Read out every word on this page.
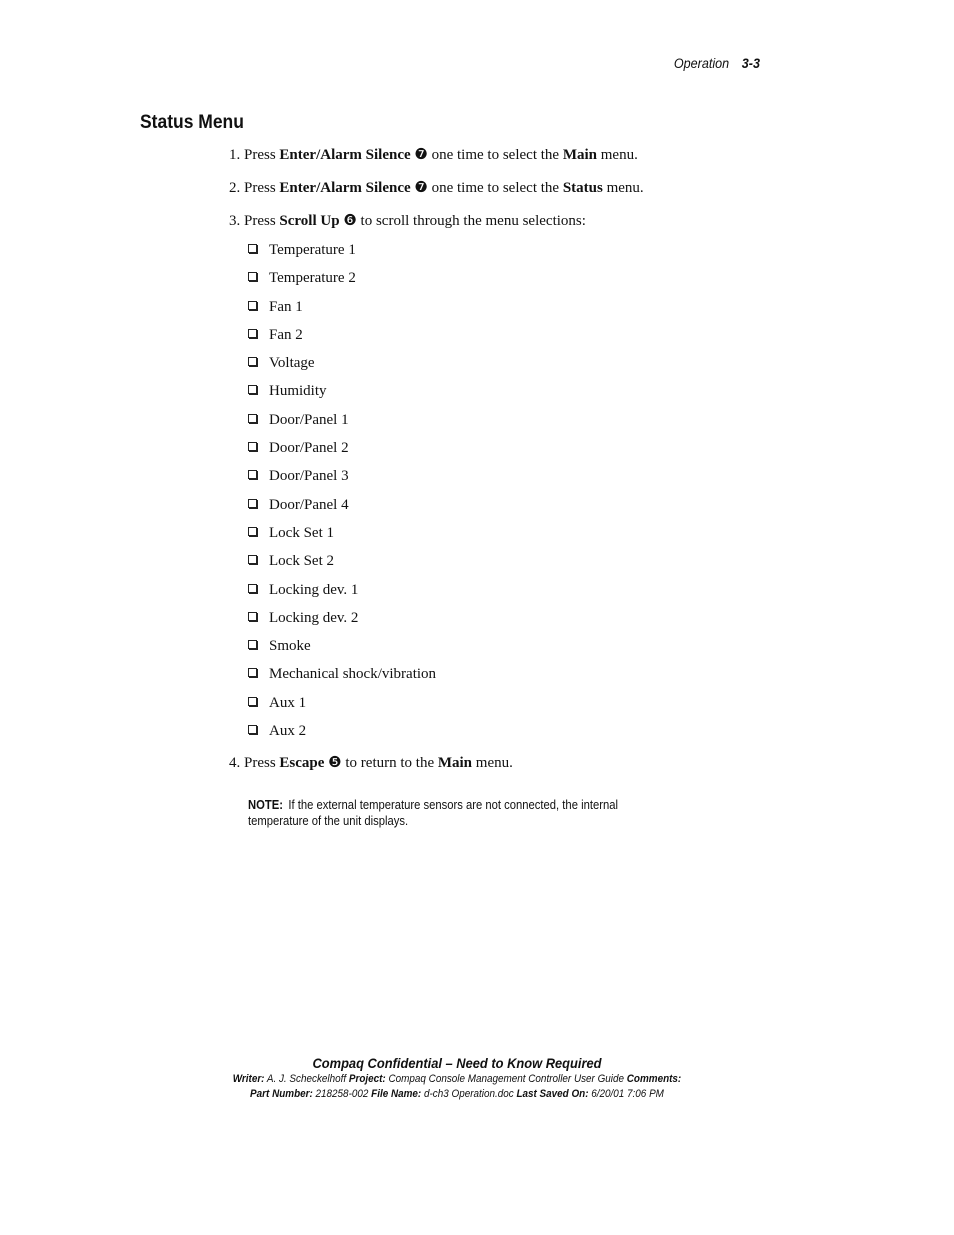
Operation 3-3
Status Menu
1. Press Enter/Alarm Silence ❼ one time to select the Main menu.
2. Press Enter/Alarm Silence ❼ one time to select the Status menu.
3. Press Scroll Up ❻ to scroll through the menu selections:
Temperature 1
Temperature 2
Fan 1
Fan 2
Voltage
Humidity
Door/Panel 1
Door/Panel 2
Door/Panel 3
Door/Panel 4
Lock Set 1
Lock Set 2
Locking dev. 1
Locking dev. 2
Smoke
Mechanical shock/vibration
Aux 1
Aux 2
4. Press Escape ❺ to return to the Main menu.
NOTE: If the external temperature sensors are not connected, the internal temperature of the unit displays.
Compaq Confidential – Need to Know Required
Writer: A. J. Scheckelhoff Project: Compaq Console Management Controller User Guide Comments:
Part Number: 218258-002 File Name: d-ch3 Operation.doc Last Saved On: 6/20/01 7:06 PM
